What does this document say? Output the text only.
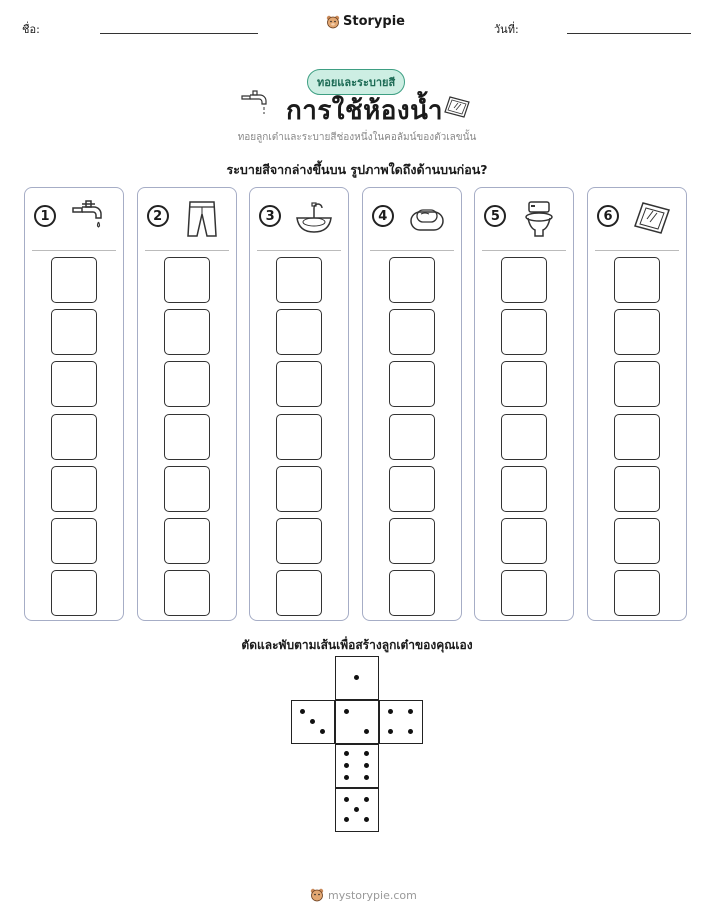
ชื่อ:
Storypie
วันที่:
ทอยและระบายสี
การใช้ห้องน้ำ
ทอยลูกเต๋าและระบายสีช่องหนึ่งในคอลัมน์ของตัวเลขนั้น
ระบายสีจากล่างขึ้นบน รูปภาพใดถึงด้านบนก่อน?
1	2	3	4	5	6
ตัดและพับตามเส้นเพื่อสร้างลูกเต๋าของคุณเอง
mystorypie.com
